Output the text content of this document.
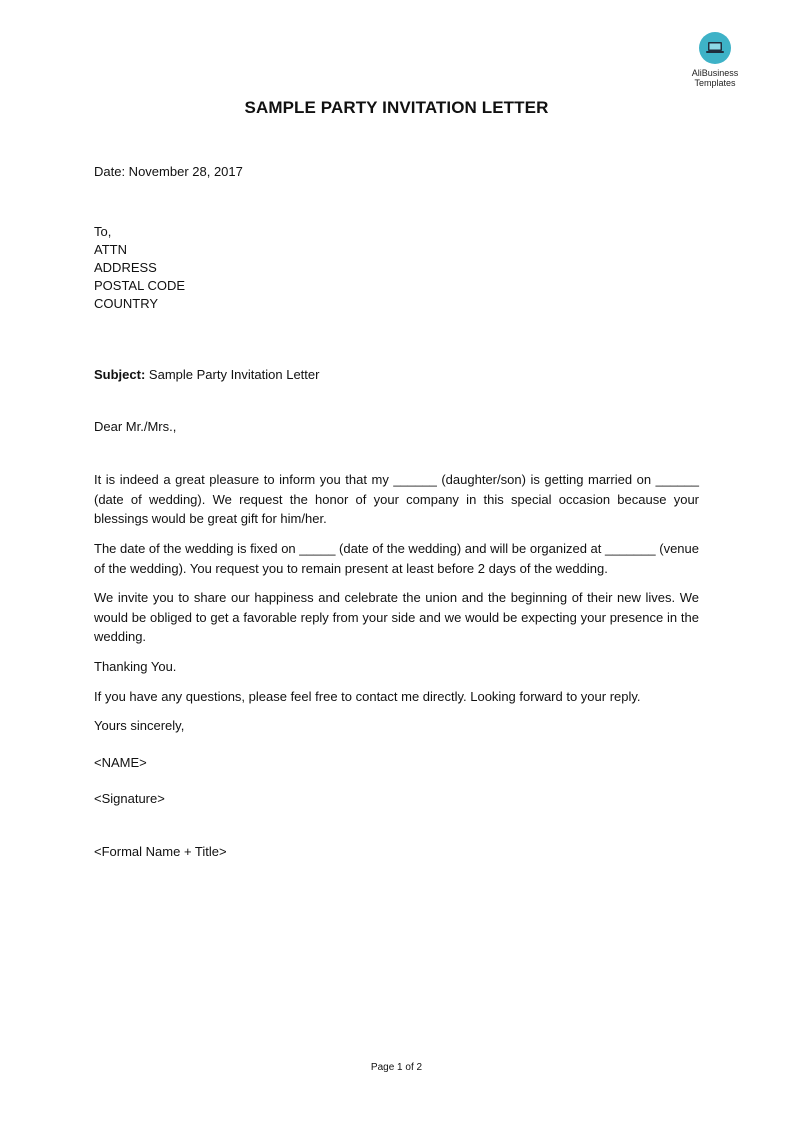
AliBusiness
Templates
SAMPLE PARTY INVITATION LETTER
Date: November 28, 2017
To,
ATTN
ADDRESS
POSTAL CODE
COUNTRY
Subject: Sample Party Invitation Letter
Dear Mr./Mrs.,
It is indeed a great pleasure to inform you that my ______ (daughter/son) is getting married on ______ (date of wedding). We request the honor of your company in this special occasion because your blessings would be great gift for him/her.
The date of the wedding is fixed on _____ (date of the wedding) and will be organized at _______ (venue of the wedding). You request you to remain present at least before 2 days of the wedding.
We invite you to share our happiness and celebrate the union and the beginning of their new lives. We would be obliged to get a favorable reply from your side and we would be expecting your presence in the wedding.
Thanking You.
If you have any questions, please feel free to contact me directly. Looking forward to your reply.
Yours sincerely,
<NAME>
<Signature>
<Formal Name + Title>
Page 1 of 2
